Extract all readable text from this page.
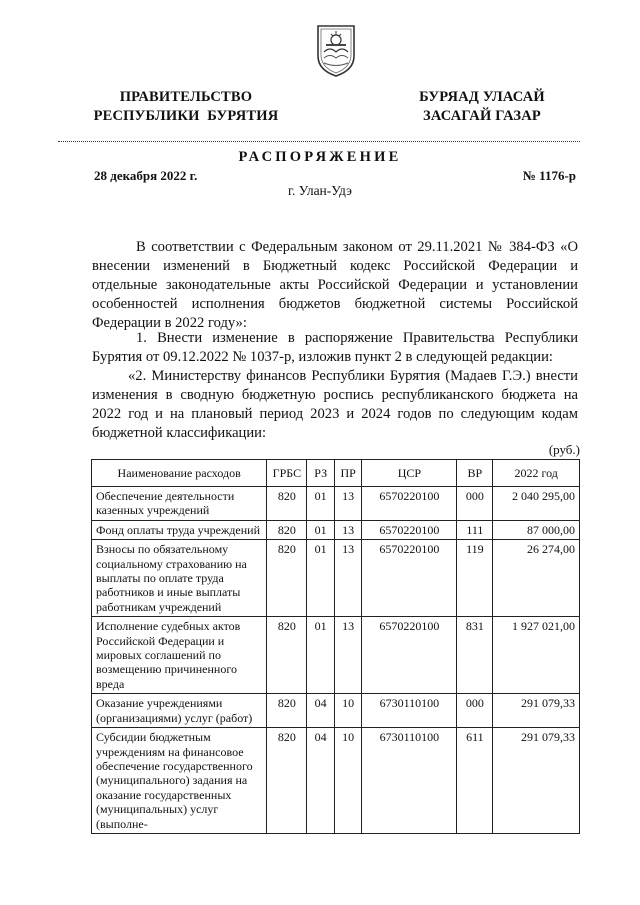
ПРАВИТЕЛЬСТВО
РЕСПУБЛИКИ  БУРЯТИЯ
БУРЯАД УЛАСАЙ
ЗАСАГАЙ ГАЗАР
РАСПОРЯЖЕНИЕ
28 декабря 2022 г.	№ 1176-р
г. Улан-Удэ
В соответствии с Федеральным законом от 29.11.2021 № 384-ФЗ «О внесении изменений в Бюджетный кодекс Российской Федерации и отдельные законодательные акты Российской Федерации и установлении особенностей исполнения бюджетов бюджетной системы Российской Федерации в 2022 году»:
1. Внести изменение в распоряжение Правительства Республики Бурятия от 09.12.2022 № 1037-р, изложив пункт 2 в следующей редакции:
«2. Министерству финансов Республики Бурятия (Мадаев Г.Э.) внести изменения в сводную бюджетную роспись республиканского бюджета на 2022 год и на плановый период 2023 и 2024 годов по следующим кодам бюджетной классификации:
(руб.)
Наименование расходов	ГРБС	РЗ	ПР	ЦСР	ВР	2022 год
Обеспечение деятельности казенных учреждений	820	01	13	6570220100	000	2 040 295,00
Фонд оплаты труда учреждений	820	01	13	6570220100	111	87 000,00
Взносы по обязательному социальному страхованию на выплаты по оплате труда работников и иные выплаты работникам учреждений	820	01	13	6570220100	119	26 274,00
Исполнение судебных актов Российской Федерации и мировых соглашений по возмещению причиненного вреда	820	01	13	6570220100	831	1 927 021,00
Оказание учреждениями (организациями) услуг (работ)	820	04	10	6730110100	000	291 079,33
Субсидии бюджетным учреждениям на финансовое обеспечение государственного (муниципального) задания на оказание государственных (муниципальных) услуг (выполне-	820	04	10	6730110100	611	291 079,33
